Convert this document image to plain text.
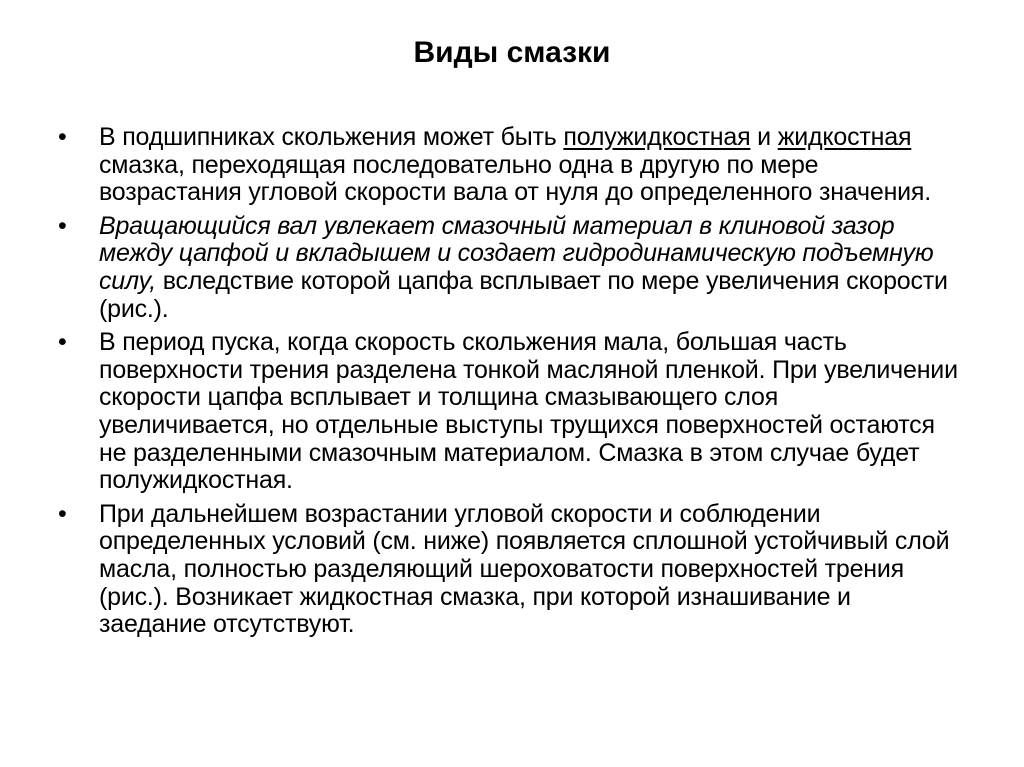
Виды смазки
•	В подшипниках скольжения может быть полужидкостная и жидкостная смазка, переходящая последовательно одна в другую по мере возрастания угловой скорости вала от нуля до определенного значения.
•	Вращающийся вал увлекает смазочный материал в клиновой зазор между цапфой и вкладышем и создает гидродинамическую подъемную силу, вследствие которой цапфа всплывает по мере увеличения скорости (рис.).
•	В период пуска, когда скорость скольжения мала, большая часть поверхности трения разделена тонкой масляной пленкой. При увеличении скорости цапфа всплывает и толщина смазывающего слоя увеличивается, но отдельные выступы трущихся поверхностей остаются не разделенными смазочным материалом. Смазка в этом случае будет полужидкостная.
•	При дальнейшем возрастании угловой скорости и соблюдении определенных условий (см. ниже) появляется сплошной устойчивый слой масла, полностью разделяющий шероховатости поверхностей трения (рис.). Возникает жидкостная смазка, при которой изнашивание и заедание отсутствуют.
